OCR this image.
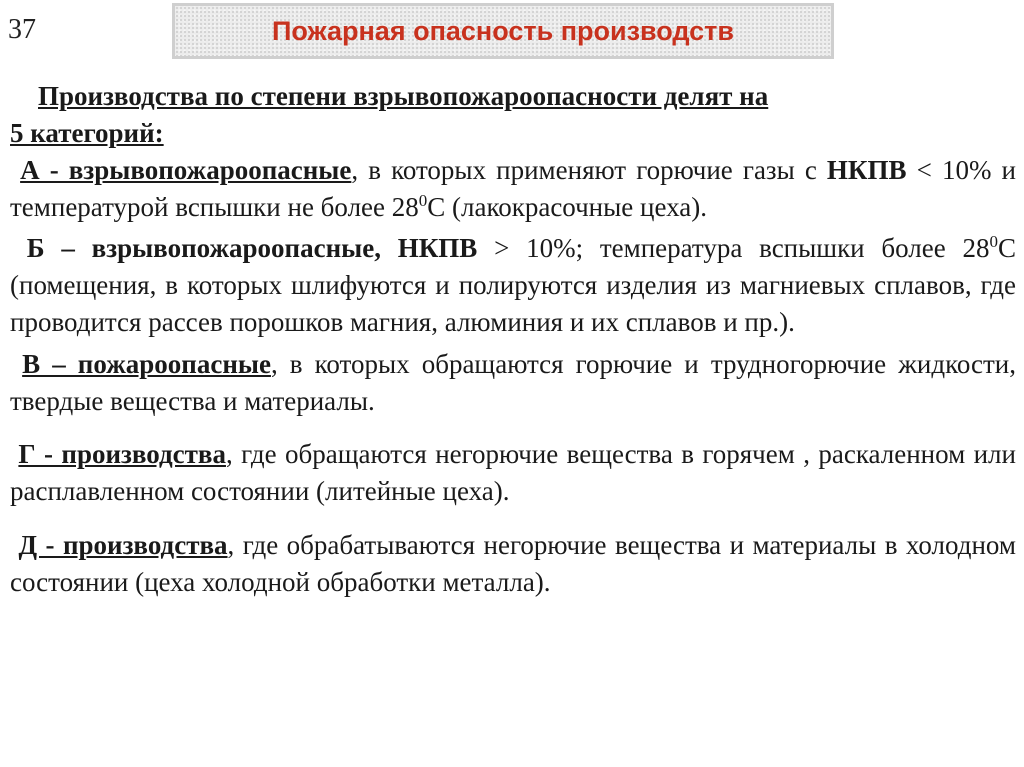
37	Пожарная опасность производств
Производства по степени взрывопожароопасности делят на
5 категорий:

А - взрывопожароопасные, в которых применяют горючие газы с НКПВ < 10% и температурой вспышки не более $28^0С$ (лакокрасочные цеха).

Б – взрывопожароопасные, НКПВ > 10%; температура вспышки более $28^0С$ (помещения, в которых шлифуются и полируются изделия из магниевых сплавов, где проводится рассев порошков магния, алюминия и их сплавов и пр.).

В – пожароопасные, в которых обращаются горючие и трудногорючие жидкости, твердые вещества и материалы.

Г - производства, где обращаются негорючие вещества в горячем , раскаленном или расплавленном состоянии (литейные цеха).

Д - производства, где обрабатываются негорючие вещества и материалы в холодном состоянии (цеха холодной обработки металла).
